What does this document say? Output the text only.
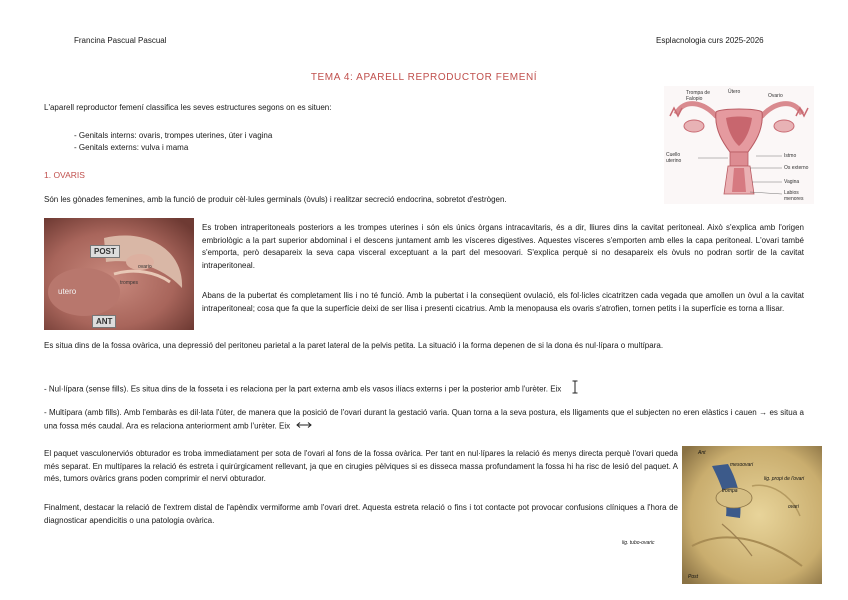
Francina Pascual Pascual	Esplacnologia curs 2025-2026
TEMA 4: APARELL REPRODUCTOR FEMENÍ
L'aparell reproductor femení classifica les seves estructures segons on es situen:
- Genitals interns: ovaris, trompes uterines, úter i vagina
- Genitals externs: vulva i mama
Trompa de Falopio
Útero
Ovario
Istmo
Cuello uterino
Os externo
Vagina
Labios menores
1. OVARIS
Són les gònades femenines, amb la funció de produir cèl·lules germinals (òvuls) i realitzar secreció endocrina, sobretot d'estrògen.
POST
ANT
utero
ovario
trompes
Es troben intraperitoneals posteriors a les trompes uterines i són els únics òrgans intracavitaris, és a dir, lliures dins la cavitat peritoneal. Això s'explica amb l'origen embriològic a la part superior abdominal i el descens juntament amb les vísceres digestives. Aquestes vísceres s'emporten amb elles la capa peritoneal. L'ovari també s'emporta, però desapareix la seva capa visceral exceptuant a la part del mesoovari. S'explica perquè si no desapareix els òvuls no podran sortir de la cavitat intraperitoneal.
Abans de la pubertat és completament llis i no té funció. Amb la pubertat i la conseqüent ovulació, els fol·licles cicatritzen cada vegada que amollen un òvul a la cavitat intraperitoneal; cosa que fa que la superfície deixi de ser llisa i presenti cicatrius. Amb la menopausa els ovaris s'atrofien, tornen petits i la superfície es torna a llisar.
Es situa dins de la fossa ovàrica, una depressió del peritoneu parietal a la paret lateral de la pelvis petita. La situació i la forma depenen de si la dona és nul·lípara o multípara.
- Nul·lípara (sense fills). Es situa dins de la fosseta i es relaciona per la part externa amb els vasos ilíacs externs i per la posterior amb l'urèter. Eix
- Multípara (amb fills). Amb l'embaràs es dil·lata l'úter, de manera que la posició de l'ovari durant la gestació varia. Quan torna a la seva postura, els lligaments que el subjecten no eren elàstics i cauen → es situa a una fossa més caudal. Ara es relaciona anteriorment amb l'urèter. Eix
El paquet vasculonerviós obturador es troba immediatament per sota de l'ovari al fons de la fossa ovàrica. Per tant en nul·lípares la relació és menys directa perquè l'ovari queda més separat. En multípares la relació és estreta i quirúrgicament rellevant, ja que en cirugies pèlviques si es disseca massa profundament la fossa hi ha risc de lesió del paquet. A més, tumors ovàrics grans poden comprimir el nervi obturador.
Finalment, destacar la relació de l'extrem distal de l'apèndix vermiforme amb l'ovari dret. Aquesta estreta relació o fins i tot contacte pot provocar confusions clíniques a l'hora de diagnosticar apendicitis o una patologia ovàrica.
Ant
mesoovari
lig. propi de l'ovari
trompa
ovari
Post
lig. tubo-ovaric
